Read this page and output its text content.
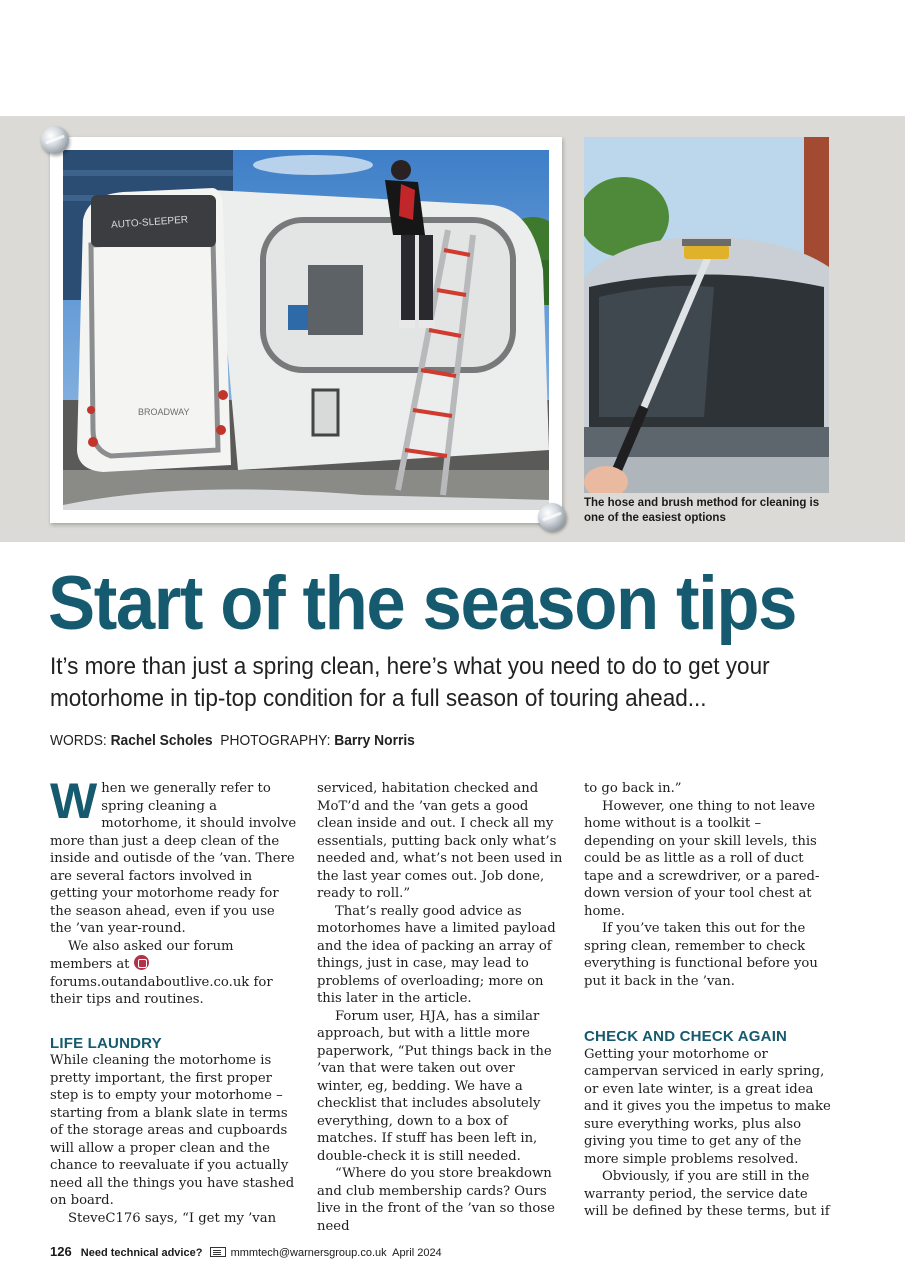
AUTO-SLEEPER
BROADWAY
The hose and brush method for cleaning is one of the easiest options
Start of the season tips
It’s more than just a spring clean, here’s what you need to do to get your
motorhome in tip-top condition for a full season of touring ahead...
WORDS: Rachel Scholes PHOTOGRAPHY: Barry Norris

When we generally refer to spring cleaning a motorhome, it should involve more than just a deep clean of the inside and outisde of the ’van. There are several factors involved in getting your motorhome ready for the season ahead, even if you use the ’van year-round.

We also asked our forum members at forums.outandaboutlive.co.uk for their tips and routines.

LIFE LAUNDRY

While cleaning the motorhome is pretty important, the first proper step is to empty your motorhome – starting from a blank slate in terms of the storage areas and cupboards will allow a proper clean and the chance to reevaluate if you actually need all the things you have stashed on board.

SteveC176 says, “I get my ’van

serviced, habitation checked and MoT’d and the ’van gets a good clean inside and out. I check all my essentials, putting back only what’s needed and, what’s not been used in the last year comes out. Job done, ready to roll.”

That’s really good advice as motorhomes have a limited payload and the idea of packing an array of things, just in case, may lead to problems of overloading; more on this later in the article.

Forum user, HJA, has a similar approach, but with a little more paperwork, “Put things back in the ’van that were taken out over winter, eg, bedding. We have a checklist that includes absolutely everything, down to a box of matches. If stuff has been left in, double-check it is still needed.

“Where do you store breakdown and club membership cards? Ours live in the front of the ’van so those need

to go back in.”

However, one thing to not leave home without is a toolkit – depending on your skill levels, this could be as little as a roll of duct tape and a screwdriver, or a pared-down version of your tool chest at home.

If you’ve taken this out for the spring clean, remember to check everything is functional before you put it back in the ’van.

CHECK AND CHECK AGAIN

Getting your motorhome or campervan serviced in early spring, or even late winter, is a great idea and it gives you the impetus to make sure everything works, plus also giving you time to get any of the more simple problems resolved.

Obviously, if you are still in the warranty period, the service date will be defined by these terms, but if

126 Need technical advice?	mmmtech@warnersgroup.co.uk April 2024
